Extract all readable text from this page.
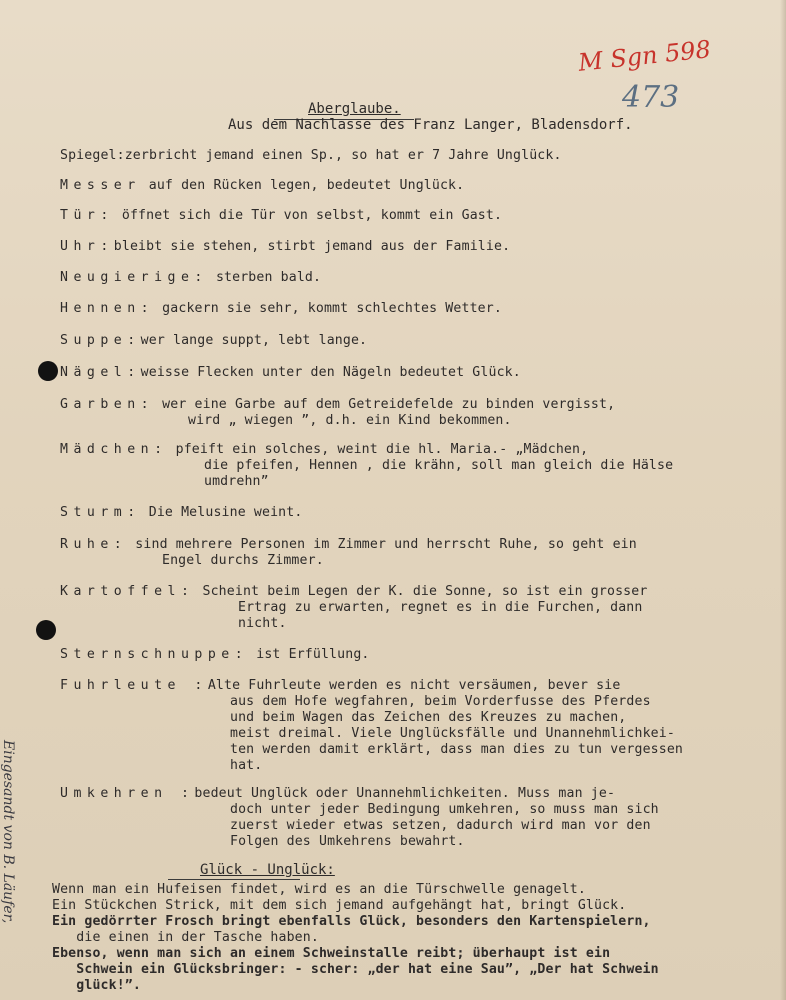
M Sgn 598
473
Eingesandt von B. Läufer,
Aberglaube.
Aus dem Nachlasse des Franz Langer, Bladensdorf.
Spiegel:zerbricht jemand einen Sp., so hat er 7 Jahre Unglück.
Messer auf den Rücken legen, bedeutet Unglück.
Tür: öffnet sich die Tür von selbst, kommt ein Gast.
Uhr:bleibt sie stehen, stirbt jemand aus der Familie.
Neugierige: sterben bald.
Hennen: gackern sie sehr, kommt schlechtes Wetter.
Suppe:wer lange suppt, lebt lange.
Nägel:weisse Flecken unter den Nägeln bedeutet Glück.
Garben: wer eine Garbe auf dem Getreidefelde zu binden vergisst,
wird „ wiegen ”, d.h. ein Kind bekommen.
Mädchen: pfeift ein solches, weint die hl. Maria.- „Mädchen,
die pfeifen, Hennen , die krähn, soll man gleich die Hälse
umdrehn”
Sturm: Die Melusine weint.
Ruhe: sind mehrere Personen im Zimmer und herrscht Ruhe, so geht ein
Engel durchs Zimmer.
Kartoffel: Scheint beim Legen der K. die Sonne, so ist ein grosser
Ertrag zu erwarten, regnet es in die Furchen, dann
nicht.
Sternschnuppe: ist Erfüllung.
Fuhrleute :Alte Fuhrleute werden es nicht versäumen, bever sie
aus dem Hofe wegfahren, beim Vorderfusse des Pferdes
und beim Wagen das Zeichen des Kreuzes zu machen,
meist dreimal. Viele Unglücksfälle und Unannehmlichkei-
ten werden damit erklärt, dass man dies zu tun vergessen
hat.
Umkehren :bedeut Unglück oder Unannehmlichkeiten. Muss man je-
doch unter jeder Bedingung umkehren, so muss man sich
zuerst wieder etwas setzen, dadurch wird man vor den
Folgen des Umkehrens bewahrt.
Glück - Unglück:
Wenn man ein Hufeisen findet, wird es an die Türschwelle genagelt.
Ein Stückchen Strick, mit dem sich jemand aufgehängt hat, bringt Glück.
Ein gedörrter Frosch bringt ebenfalls Glück, besonders den Kartenspielern,
die einen in der Tasche haben.
Ebenso, wenn man sich an einem Schweinstalle reibt; überhaupt ist ein
Schwein ein Glücksbringer: - scher: „der hat eine Sau”, „Der hat Schwein
glück!”.
